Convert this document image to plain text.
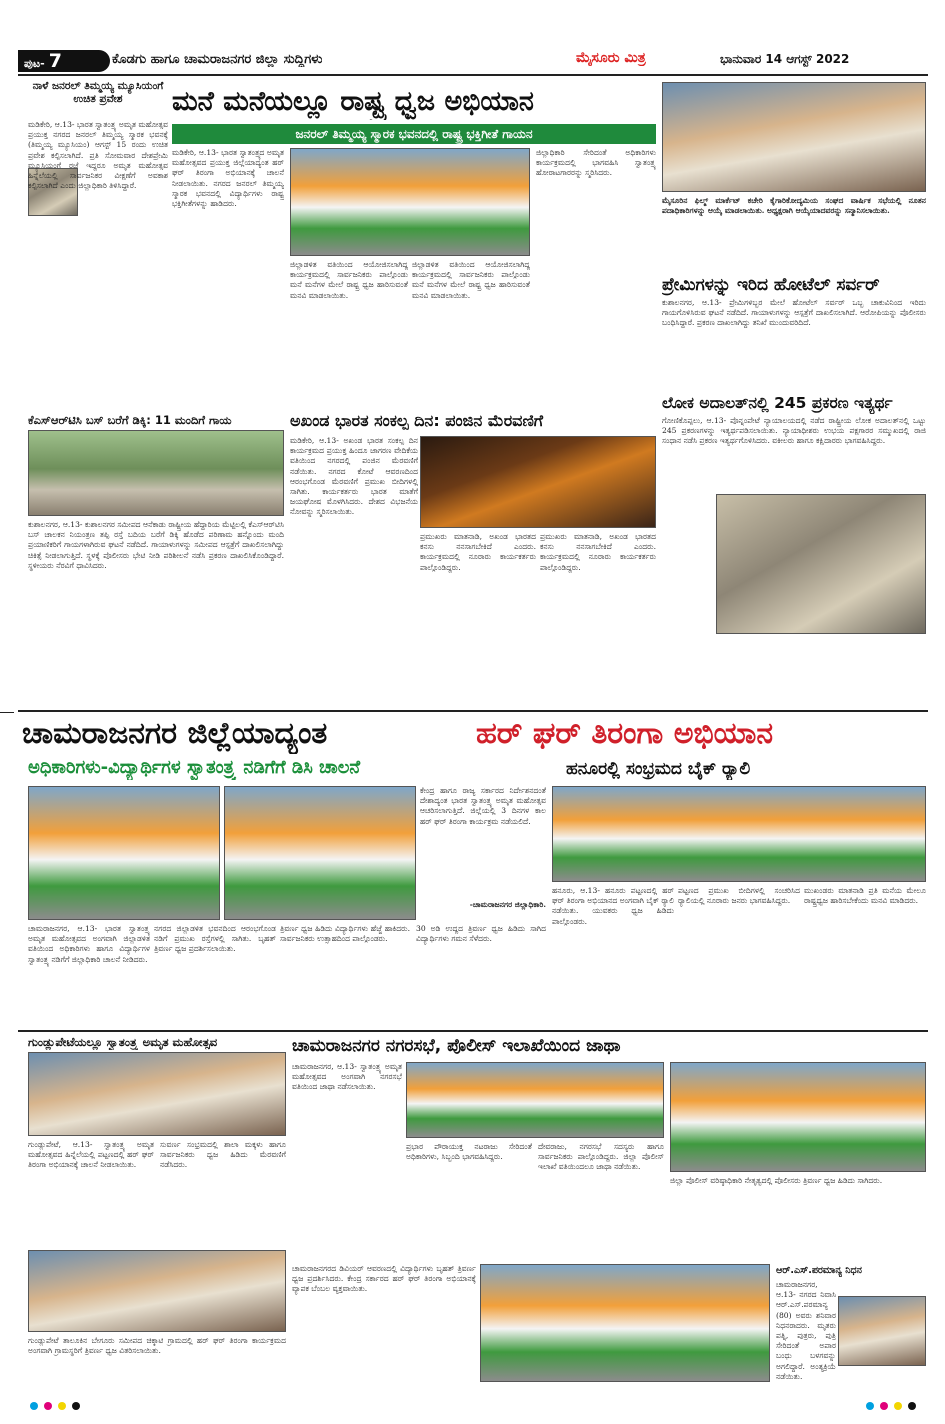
ಪುಟ- 7	ಕೊಡಗು ಹಾಗೂ ಚಾಮರಾಜನಗರ ಜಿಲ್ಲಾ ಸುದ್ದಿಗಳು	ಮೈಸೂರು ಮಿತ್ರ	ಭಾನುವಾರ 14 ಆಗಸ್ಟ್ 2022
ನಾಳೆ ಜನರಲ್ ತಿಮ್ಮಯ್ಯ ಮ್ಯೂಸಿಯಂಗೆ ಉಚಿತ ಪ್ರವೇಶ
ಮಡಿಕೇರಿ, ಆ.13- ಭಾರತ ಸ್ವಾತಂತ್ರ್ಯ ಅಮೃತ ಮಹೋತ್ಸವ ಪ್ರಯುಕ್ತ ನಗರದ ಜನರಲ್ ತಿಮ್ಮಯ್ಯ ಸ್ಮಾರಕ ಭವನಕ್ಕೆ (ತಿಮ್ಮಯ್ಯ ಮ್ಯೂಸಿಯಂ) ಆಗಸ್ಟ್ 15 ರಂದು ಉಚಿತ ಪ್ರವೇಶ ಕಲ್ಪಿಸಲಾಗಿದೆ. ಪ್ರತಿ ಸೋಮವಾರ ದೇಶಪ್ರೇಮಿ ಮ್ಯೂಸಿಯಂಗೆ ರಜೆ ಇದ್ದರೂ ಅಮೃತ ಮಹೋತ್ಸವ ಹಿನ್ನೆಲೆಯಲ್ಲಿ ಸಾರ್ವಜನಿಕರ ವೀಕ್ಷಣೆಗೆ ಅವಕಾಶ ಕಲ್ಪಿಸಲಾಗಿದೆ ಎಂದು ಜಿಲ್ಲಾಧಿಕಾರಿ ತಿಳಿಸಿದ್ದಾರೆ.
ಮನೆ ಮನೆಯಲ್ಲೂ ರಾಷ್ಟ್ರ ಧ್ವಜ ಅಭಿಯಾನ
ಜನರಲ್ ತಿಮ್ಮಯ್ಯ ಸ್ಮಾರಕ ಭವನದಲ್ಲಿ ರಾಷ್ಟ್ರ ಭಕ್ತಿಗೀತೆ ಗಾಯನ
ಮಡಿಕೇರಿ, ಆ.13- ಭಾರತ ಸ್ವಾತಂತ್ರ್ಯದ ಅಮೃತ ಮಹೋತ್ಸವದ ಪ್ರಯುಕ್ತ ಜಿಲ್ಲೆಯಾದ್ಯಂತ ಹರ್ ಘರ್ ತಿರಂಗಾ ಅಭಿಯಾನಕ್ಕೆ ಚಾಲನೆ ನೀಡಲಾಯಿತು. ನಗರದ ಜನರಲ್ ತಿಮ್ಮಯ್ಯ ಸ್ಮಾರಕ ಭವನದಲ್ಲಿ ವಿದ್ಯಾರ್ಥಿಗಳು ರಾಷ್ಟ್ರ ಭಕ್ತಿಗೀತೆಗಳನ್ನು ಹಾಡಿದರು.
ಜಿಲ್ಲಾಡಳಿತ ವತಿಯಿಂದ ಆಯೋಜಿಸಲಾಗಿದ್ದ ಕಾರ್ಯಕ್ರಮದಲ್ಲಿ ಸಾರ್ವಜನಿಕರು ಪಾಲ್ಗೊಂಡು ಮನೆ ಮನೆಗಳ ಮೇಲೆ ರಾಷ್ಟ್ರ ಧ್ವಜ ಹಾರಿಸುವಂತೆ ಮನವಿ ಮಾಡಲಾಯಿತು.
ಜಿಲ್ಲಾಡಳಿತ ವತಿಯಿಂದ ಆಯೋಜಿಸಲಾಗಿದ್ದ ಕಾರ್ಯಕ್ರಮದಲ್ಲಿ ಸಾರ್ವಜನಿಕರು ಪಾಲ್ಗೊಂಡು ಮನೆ ಮನೆಗಳ ಮೇಲೆ ರಾಷ್ಟ್ರ ಧ್ವಜ ಹಾರಿಸುವಂತೆ ಮನವಿ ಮಾಡಲಾಯಿತು.
ಜಿಲ್ಲಾಧಿಕಾರಿ ಸೇರಿದಂತೆ ಅಧಿಕಾರಿಗಳು ಕಾರ್ಯಕ್ರಮದಲ್ಲಿ ಭಾಗವಹಿಸಿ ಸ್ವಾತಂತ್ರ್ಯ ಹೋರಾಟಗಾರರನ್ನು ಸ್ಮರಿಸಿದರು.
ಮೈಸೂರಿನ ಫಿಲ್ಮ್ ಮಾರ್ಕೆಟ್ ಕಚೇರಿ ಕೈಗಾರಿಕೋದ್ಯಮಿಯ ಸಂಘದ ವಾರ್ಷಿಕ ಸಭೆಯಲ್ಲಿ ನೂತನ ಪದಾಧಿಕಾರಿಗಳನ್ನು ಆಯ್ಕೆ ಮಾಡಲಾಯಿತು. ಅಧ್ಯಕ್ಷರಾಗಿ ಆಯ್ಕೆಯಾದವರನ್ನು ಸನ್ಮಾನಿಸಲಾಯಿತು.
ಪ್ರೇಮಿಗಳನ್ನು ಇರಿದ ಹೋಟೆಲ್ ಸರ್ವರ್
ಕುಶಾಲನಗರ, ಆ.13- ಪ್ರೇಮಿಗಳಿಬ್ಬರ ಮೇಲೆ ಹೋಟೆಲ್ ಸರ್ವರ್ ಒಬ್ಬ ಚಾಕುವಿನಿಂದ ಇರಿದು ಗಾಯಗೊಳಿಸಿರುವ ಘಟನೆ ನಡೆದಿದೆ. ಗಾಯಾಳುಗಳನ್ನು ಆಸ್ಪತ್ರೆಗೆ ದಾಖಲಿಸಲಾಗಿದೆ. ಆರೋಪಿಯನ್ನು ಪೊಲೀಸರು ಬಂಧಿಸಿದ್ದಾರೆ. ಪ್ರಕರಣ ದಾಖಲಾಗಿದ್ದು ತನಿಖೆ ಮುಂದುವರಿದಿದೆ.
ಕೆಎಸ್‌ಆರ್‌ಟಿಸಿ ಬಸ್ ಬರೆಗೆ ಡಿಕ್ಕಿ: 11 ಮಂದಿಗೆ ಗಾಯ
ಕುಶಾಲನಗರ, ಆ.13- ಕುಶಾಲನಗರ ಸಮೀಪದ ಆನೆಕಾಡು ರಾಷ್ಟ್ರೀಯ ಹೆದ್ದಾರಿಯ ಮೆಟ್ಟಿಲಲ್ಲಿ ಕೆಎಸ್‌ಆರ್‌ಟಿಸಿ ಬಸ್ ಚಾಲಕನ ನಿಯಂತ್ರಣ ತಪ್ಪಿ ರಸ್ತೆ ಬದಿಯ ಬರೆಗೆ ಡಿಕ್ಕಿ ಹೊಡೆದ ಪರಿಣಾಮ ಹನ್ನೊಂದು ಮಂದಿ ಪ್ರಯಾಣಿಕರಿಗೆ ಗಾಯಗಳಾಗಿರುವ ಘಟನೆ ನಡೆದಿದೆ. ಗಾಯಾಳುಗಳನ್ನು ಸಮೀಪದ ಆಸ್ಪತ್ರೆಗೆ ದಾಖಲಿಸಲಾಗಿದ್ದು ಚಿಕಿತ್ಸೆ ನೀಡಲಾಗುತ್ತಿದೆ. ಸ್ಥಳಕ್ಕೆ ಪೊಲೀಸರು ಭೇಟಿ ನೀಡಿ ಪರಿಶೀಲನೆ ನಡೆಸಿ ಪ್ರಕರಣ ದಾಖಲಿಸಿಕೊಂಡಿದ್ದಾರೆ. ಸ್ಥಳೀಯರು ನೆರವಿಗೆ ಧಾವಿಸಿದರು.
ಅಖಂಡ ಭಾರತ ಸಂಕಲ್ಪ ದಿನ: ಪಂಜಿನ ಮೆರವಣಿಗೆ
ಮಡಿಕೇರಿ, ಆ.13- ಅಖಂಡ ಭಾರತ ಸಂಕಲ್ಪ ದಿನ ಕಾರ್ಯಕ್ರಮದ ಪ್ರಯುಕ್ತ ಹಿಂದೂ ಜಾಗರಣ ವೇದಿಕೆಯ ವತಿಯಿಂದ ನಗರದಲ್ಲಿ ಪಂಜಿನ ಮೆರವಣಿಗೆ ನಡೆಯಿತು. ನಗರದ ಕೋಟೆ ಆವರಣದಿಂದ ಆರಂಭಗೊಂಡ ಮೆರವಣಿಗೆ ಪ್ರಮುಖ ಬೀದಿಗಳಲ್ಲಿ ಸಾಗಿತು. ಕಾರ್ಯಕರ್ತರು ಭಾರತ ಮಾತೆಗೆ ಜಯಘೋಷ ಮೊಳಗಿಸಿದರು. ದೇಶದ ವಿಭಜನೆಯ ನೋವನ್ನು ಸ್ಮರಿಸಲಾಯಿತು.
ಪ್ರಮುಖರು ಮಾತನಾಡಿ, ಅಖಂಡ ಭಾರತದ ಕನಸು ನನಸಾಗಬೇಕಿದೆ ಎಂದರು. ಕಾರ್ಯಕ್ರಮದಲ್ಲಿ ನೂರಾರು ಕಾರ್ಯಕರ್ತರು ಪಾಲ್ಗೊಂಡಿದ್ದರು.
ಪ್ರಮುಖರು ಮಾತನಾಡಿ, ಅಖಂಡ ಭಾರತದ ಕನಸು ನನಸಾಗಬೇಕಿದೆ ಎಂದರು. ಕಾರ್ಯಕ್ರಮದಲ್ಲಿ ನೂರಾರು ಕಾರ್ಯಕರ್ತರು ಪಾಲ್ಗೊಂಡಿದ್ದರು.
ಲೋಕ ಅದಾಲತ್‌ನಲ್ಲಿ 245 ಪ್ರಕರಣ ಇತ್ಯರ್ಥ
ಗೋಣಿಕೊಪ್ಪಲು, ಆ.13- ಪೊನ್ನಂಪೇಟೆ ನ್ಯಾಯಾಲಯದಲ್ಲಿ ನಡೆದ ರಾಷ್ಟ್ರೀಯ ಲೋಕ ಅದಾಲತ್‌ನಲ್ಲಿ ಒಟ್ಟು 245 ಪ್ರಕರಣಗಳನ್ನು ಇತ್ಯರ್ಥಪಡಿಸಲಾಯಿತು. ನ್ಯಾಯಾಧೀಶರು ಉಭಯ ಪಕ್ಷಗಾರರ ಸಮ್ಮುಖದಲ್ಲಿ ರಾಜಿ ಸಂಧಾನ ನಡೆಸಿ ಪ್ರಕರಣ ಇತ್ಯರ್ಥಗೊಳಿಸಿದರು. ವಕೀಲರು ಹಾಗೂ ಕಕ್ಷಿದಾರರು ಭಾಗವಹಿಸಿದ್ದರು.
ಚಾಮರಾಜನಗರ ಜಿಲ್ಲೆಯಾದ್ಯಂತ	ಹರ್ ಘರ್ ತಿರಂಗಾ ಅಭಿಯಾನ
ಅಧಿಕಾರಿಗಳು-ವಿದ್ಯಾರ್ಥಿಗಳ ಸ್ವಾತಂತ್ರ್ಯ ನಡಿಗೆಗೆ ಡಿಸಿ ಚಾಲನೆ	ಹನೂರಲ್ಲಿ ಸಂಭ್ರಮದ ಬೈಕ್ ರ್‍ಯಾಲಿ
ಕೇಂದ್ರ ಹಾಗೂ ರಾಜ್ಯ ಸರ್ಕಾರದ ನಿರ್ದೇಶನದಂತೆ ದೇಶಾದ್ಯಂತ ಭಾರತ ಸ್ವಾತಂತ್ರ್ಯ ಅಮೃತ ಮಹೋತ್ಸವ ಆಚರಿಸಲಾಗುತ್ತಿದೆ. ಜಿಲ್ಲೆಯಲ್ಲಿ 3 ದಿನಗಳ ಕಾಲ ಹರ್ ಘರ್ ತಿರಂಗಾ ಕಾರ್ಯಕ್ರಮ ನಡೆಯಲಿದೆ.
-ಚಾಮರಾಜನಗರ ಜಿಲ್ಲಾಧಿಕಾರಿ.
ಚಾಮರಾಜನಗರ, ಆ.13- ಭಾರತ ಸ್ವಾತಂತ್ರ್ಯ ಅಮೃತ ಮಹೋತ್ಸವದ ಅಂಗವಾಗಿ ಜಿಲ್ಲಾಡಳಿತ ವತಿಯಿಂದ ಅಧಿಕಾರಿಗಳು ಹಾಗೂ ವಿದ್ಯಾರ್ಥಿಗಳ ಸ್ವಾತಂತ್ರ್ಯ ನಡಿಗೆಗೆ ಜಿಲ್ಲಾಧಿಕಾರಿ ಚಾಲನೆ ನೀಡಿದರು.
ನಗರದ ಜಿಲ್ಲಾಡಳಿತ ಭವನದಿಂದ ಆರಂಭಗೊಂಡ ನಡಿಗೆ ಪ್ರಮುಖ ರಸ್ತೆಗಳಲ್ಲಿ ಸಾಗಿತು. ಬೃಹತ್ ತ್ರಿವರ್ಣ ಧ್ವಜ ಪ್ರದರ್ಶಿಸಲಾಯಿತು.
ತ್ರಿವರ್ಣ ಧ್ವಜ ಹಿಡಿದು ವಿದ್ಯಾರ್ಥಿಗಳು ಹೆಜ್ಜೆ ಹಾಕಿದರು. ಸಾರ್ವಜನಿಕರು ಉತ್ಸಾಹದಿಂದ ಪಾಲ್ಗೊಂಡರು.
30 ಅಡಿ ಉದ್ದದ ತ್ರಿವರ್ಣ ಧ್ವಜ ಹಿಡಿದು ಸಾಗಿದ ವಿದ್ಯಾರ್ಥಿಗಳು ಗಮನ ಸೆಳೆದರು.
ಹನೂರು, ಆ.13- ಹನೂರು ಪಟ್ಟಣದಲ್ಲಿ ಹರ್ ಘರ್ ತಿರಂಗಾ ಅಭಿಯಾನದ ಅಂಗವಾಗಿ ಬೈಕ್ ರ್‍ಯಾಲಿ ನಡೆಯಿತು. ಯುವಕರು ಧ್ವಜ ಹಿಡಿದು ಪಾಲ್ಗೊಂಡರು.
ಪಟ್ಟಣದ ಪ್ರಮುಖ ಬೀದಿಗಳಲ್ಲಿ ಸಂಚರಿಸಿದ ರ್‍ಯಾಲಿಯಲ್ಲಿ ನೂರಾರು ಜನರು ಭಾಗವಹಿಸಿದ್ದರು.
ಮುಖಂಡರು ಮಾತನಾಡಿ ಪ್ರತಿ ಮನೆಯ ಮೇಲೂ ರಾಷ್ಟ್ರಧ್ವಜ ಹಾರಿಸಬೇಕೆಂದು ಮನವಿ ಮಾಡಿದರು.
ಗುಂಡ್ಲುಪೇಟೆಯಲ್ಲೂ ಸ್ವಾತಂತ್ರ್ಯ ಅಮೃತ ಮಹೋತ್ಸವ
ಗುಂಡ್ಲುಪೇಟೆ, ಆ.13- ಸ್ವಾತಂತ್ರ್ಯ ಅಮೃತ ಮಹೋತ್ಸವದ ಹಿನ್ನೆಲೆಯಲ್ಲಿ ಪಟ್ಟಣದಲ್ಲಿ ಹರ್ ಘರ್ ತಿರಂಗಾ ಅಭಿಯಾನಕ್ಕೆ ಚಾಲನೆ ನೀಡಲಾಯಿತು.
ಸುವರ್ಣ ಸಂಭ್ರಮದಲ್ಲಿ ಶಾಲಾ ಮಕ್ಕಳು ಹಾಗೂ ಸಾರ್ವಜನಿಕರು ಧ್ವಜ ಹಿಡಿದು ಮೆರವಣಿಗೆ ನಡೆಸಿದರು.
ಗುಂಡ್ಲುಪೇಟೆ ತಾಲೂಕಿನ ಬೇಗೂರು ಸಮೀಪದ ಚಿಕ್ಕಾಟಿ ಗ್ರಾಮದಲ್ಲಿ ಹರ್ ಘರ್ ತಿರಂಗಾ ಕಾರ್ಯಕ್ರಮದ ಅಂಗವಾಗಿ ಗ್ರಾಮಸ್ಥರಿಗೆ ತ್ರಿವರ್ಣ ಧ್ವಜ ವಿತರಿಸಲಾಯಿತು.
ಚಾಮರಾಜನಗರ ನಗರಸಭೆ, ಪೊಲೀಸ್ ಇಲಾಖೆಯಿಂದ ಜಾಥಾ
ಚಾಮರಾಜನಗರ, ಆ.13- ಸ್ವಾತಂತ್ರ್ಯ ಅಮೃತ ಮಹೋತ್ಸವದ ಅಂಗವಾಗಿ ನಗರಸಭೆ ವತಿಯಿಂದ ಜಾಥಾ ನಡೆಸಲಾಯಿತು.
ಪ್ರಭಾರ ಪೌರಾಯುಕ್ತ ನಟರಾಜು ಸೇರಿದಂತೆ ಅಧಿಕಾರಿಗಳು, ಸಿಬ್ಬಂದಿ ಭಾಗವಹಿಸಿದ್ದರು.
ದೇವರಾಜು, ನಗರಸಭೆ ಸದಸ್ಯರು ಹಾಗೂ ಸಾರ್ವಜನಿಕರು ಪಾಲ್ಗೊಂಡಿದ್ದರು. ಜಿಲ್ಲಾ ಪೊಲೀಸ್ ಇಲಾಖೆ ವತಿಯಿಂದಲೂ ಜಾಥಾ ನಡೆಯಿತು.
ಜಿಲ್ಲಾ ಪೊಲೀಸ್ ವರಿಷ್ಠಾಧಿಕಾರಿ ನೇತೃತ್ವದಲ್ಲಿ ಪೊಲೀಸರು ತ್ರಿವರ್ಣ ಧ್ವಜ ಹಿಡಿದು ಸಾಗಿದರು.
ಚಾಮರಾಜನಗರದ ಡಿವಿಯರ್ ಆವರಣದಲ್ಲಿ ವಿದ್ಯಾರ್ಥಿಗಳು ಬೃಹತ್ ತ್ರಿವರ್ಣ ಧ್ವಜ ಪ್ರದರ್ಶಿಸಿದರು. ಕೇಂದ್ರ ಸರ್ಕಾರದ ಹರ್ ಘರ್ ತಿರಂಗಾ ಅಭಿಯಾನಕ್ಕೆ ವ್ಯಾಪಕ ಬೆಂಬಲ ವ್ಯಕ್ತವಾಯಿತು.
ಆರ್.ಎಸ್.ಪರಮಾನ್ಯ ನಿಧನ
ಚಾಮರಾಜನಗರ, ಆ.13- ನಗರದ ನಿವಾಸಿ ಆರ್.ಎಸ್.ಪರಮಾನ್ಯ (80) ಅವರು ಶನಿವಾರ ನಿಧನರಾದರು. ಮೃತರು ಪತ್ನಿ, ಪುತ್ರರು, ಪುತ್ರಿ ಸೇರಿದಂತೆ ಅಪಾರ ಬಂಧು ಬಳಗವನ್ನು ಅಗಲಿದ್ದಾರೆ. ಅಂತ್ಯಕ್ರಿಯೆ ನಡೆಯಿತು.
